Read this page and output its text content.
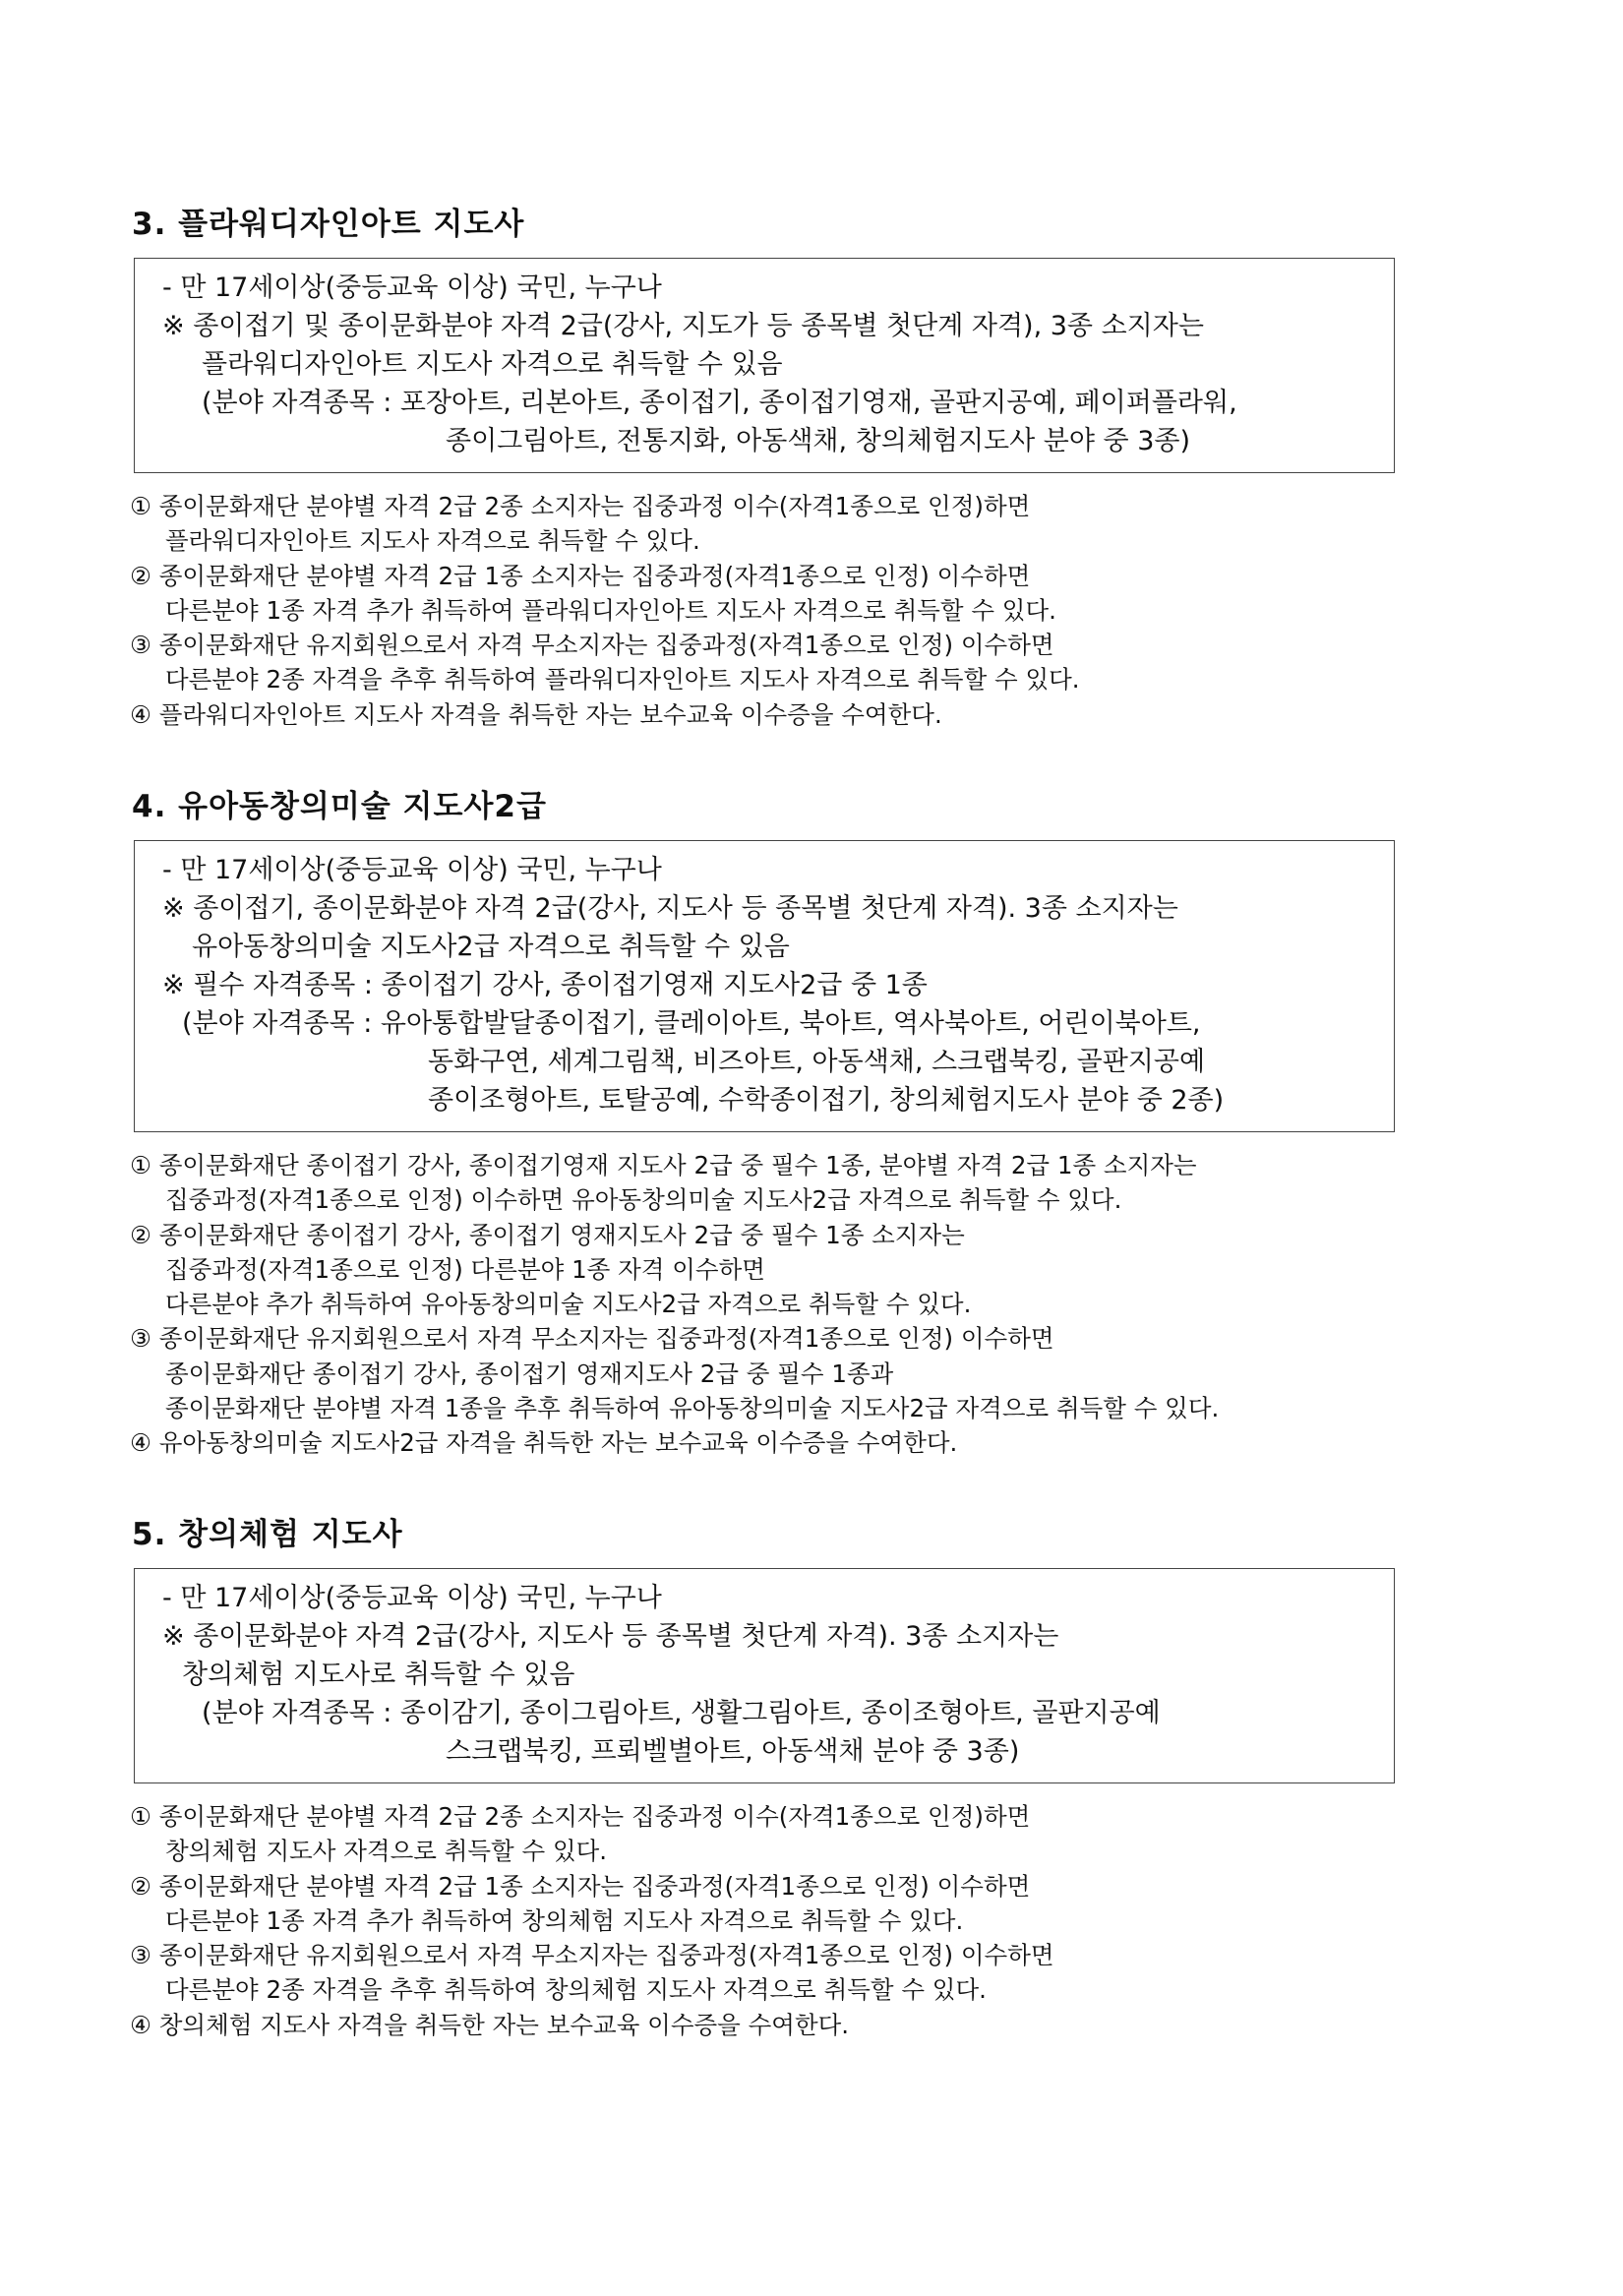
3. 플라워디자인아트 지도사
- 만 17세이상(중등교육 이상) 국민, 누구나
※ 종이접기 및 종이문화분야 자격 2급(강사, 지도가 등 종목별 첫단계 자격), 3종 소지자는
플라워디자인아트 지도사 자격으로 취득할 수 있음
(분야 자격종목 : 포장아트, 리본아트, 종이접기, 종이접기영재, 골판지공예, 페이퍼플라워,
종이그림아트, 전통지화, 아동색채, 창의체험지도사 분야 중 3종)
① 종이문화재단 분야별 자격 2급 2종 소지자는 집중과정 이수(자격1종으로 인정)하면
플라워디자인아트 지도사 자격으로 취득할 수 있다.
② 종이문화재단 분야별 자격 2급 1종 소지자는 집중과정(자격1종으로 인정) 이수하면
다른분야 1종 자격 추가 취득하여 플라워디자인아트 지도사 자격으로 취득할 수 있다.
③ 종이문화재단 유지회원으로서 자격 무소지자는 집중과정(자격1종으로 인정) 이수하면
다른분야 2종 자격을 추후 취득하여 플라워디자인아트 지도사 자격으로 취득할 수 있다.
④ 플라워디자인아트 지도사 자격을 취득한 자는 보수교육 이수증을 수여한다.
4. 유아동창의미술 지도사2급
- 만 17세이상(중등교육 이상) 국민, 누구나
※ 종이접기, 종이문화분야 자격 2급(강사, 지도사 등 종목별 첫단계 자격). 3종 소지자는
유아동창의미술 지도사2급 자격으로 취득할 수 있음
※ 필수 자격종목 : 종이접기 강사, 종이접기영재 지도사2급 중 1종
(분야 자격종목 : 유아통합발달종이접기, 클레이아트, 북아트, 역사북아트, 어린이북아트,
동화구연, 세계그림책, 비즈아트, 아동색채, 스크랩북킹, 골판지공예
종이조형아트, 토탈공예, 수학종이접기, 창의체험지도사 분야 중 2종)
① 종이문화재단 종이접기 강사, 종이접기영재 지도사 2급 중 필수 1종, 분야별 자격 2급 1종 소지자는
집중과정(자격1종으로 인정) 이수하면 유아동창의미술 지도사2급 자격으로 취득할 수 있다.
② 종이문화재단 종이접기 강사, 종이접기 영재지도사 2급 중 필수 1종 소지자는
집중과정(자격1종으로 인정) 다른분야 1종 자격 이수하면
다른분야 추가 취득하여 유아동창의미술 지도사2급 자격으로 취득할 수 있다.
③ 종이문화재단 유지회원으로서 자격 무소지자는 집중과정(자격1종으로 인정) 이수하면
종이문화재단 종이접기 강사, 종이접기 영재지도사 2급 중 필수 1종과
종이문화재단 분야별 자격 1종을 추후 취득하여 유아동창의미술 지도사2급 자격으로 취득할 수 있다.
④ 유아동창의미술 지도사2급 자격을 취득한 자는 보수교육 이수증을 수여한다.
5. 창의체험 지도사
- 만 17세이상(중등교육 이상) 국민, 누구나
※ 종이문화분야 자격 2급(강사, 지도사 등 종목별 첫단계 자격). 3종 소지자는
창의체험 지도사로 취득할 수 있음
(분야 자격종목 : 종이감기, 종이그림아트, 생활그림아트, 종이조형아트, 골판지공예
스크랩북킹, 프뢰벨별아트, 아동색채 분야 중 3종)
① 종이문화재단 분야별 자격 2급 2종 소지자는 집중과정 이수(자격1종으로 인정)하면
창의체험 지도사 자격으로 취득할 수 있다.
② 종이문화재단 분야별 자격 2급 1종 소지자는 집중과정(자격1종으로 인정) 이수하면
다른분야 1종 자격 추가 취득하여 창의체험 지도사 자격으로 취득할 수 있다.
③ 종이문화재단 유지회원으로서 자격 무소지자는 집중과정(자격1종으로 인정) 이수하면
다른분야 2종 자격을 추후 취득하여 창의체험 지도사 자격으로 취득할 수 있다.
④ 창의체험 지도사 자격을 취득한 자는 보수교육 이수증을 수여한다.
